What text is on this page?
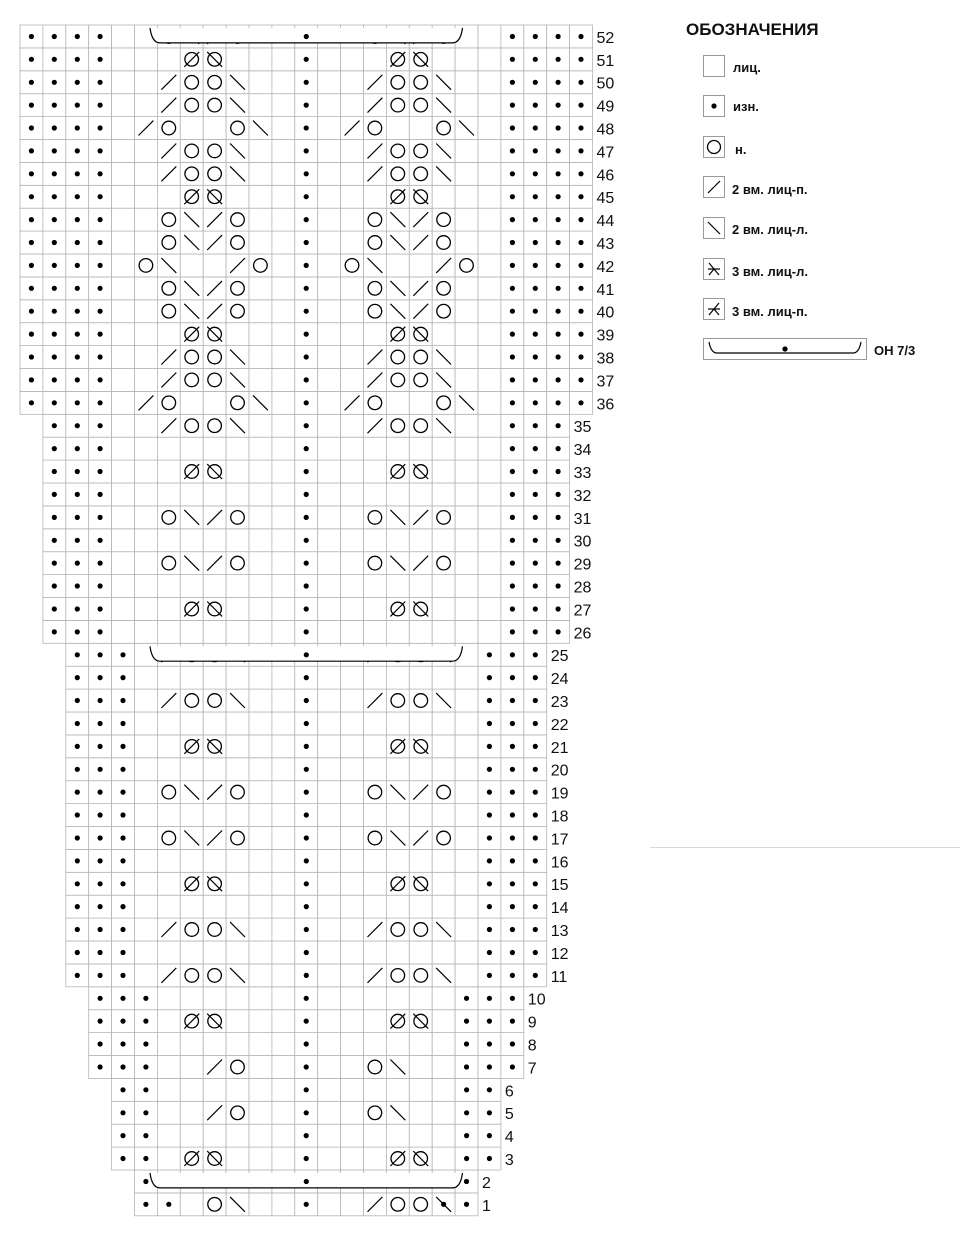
1
2
3
4
5
6
7
8
9
10
11
12
13
14
15
16
17
18
19
20
21
22
23
24
25
26
27
28
29
30
31
32
33
34
35
36
37
38
39
40
41
42
43
44
45
46
47
48
49
50
51
52	ОБОЗНАЧЕНИЯ
лиц.
изн.
н.
2 вм. лиц-п.
2 вм. лиц-л.
3 вм. лиц-л.
3 вм. лиц-п.
ОН 7/3
